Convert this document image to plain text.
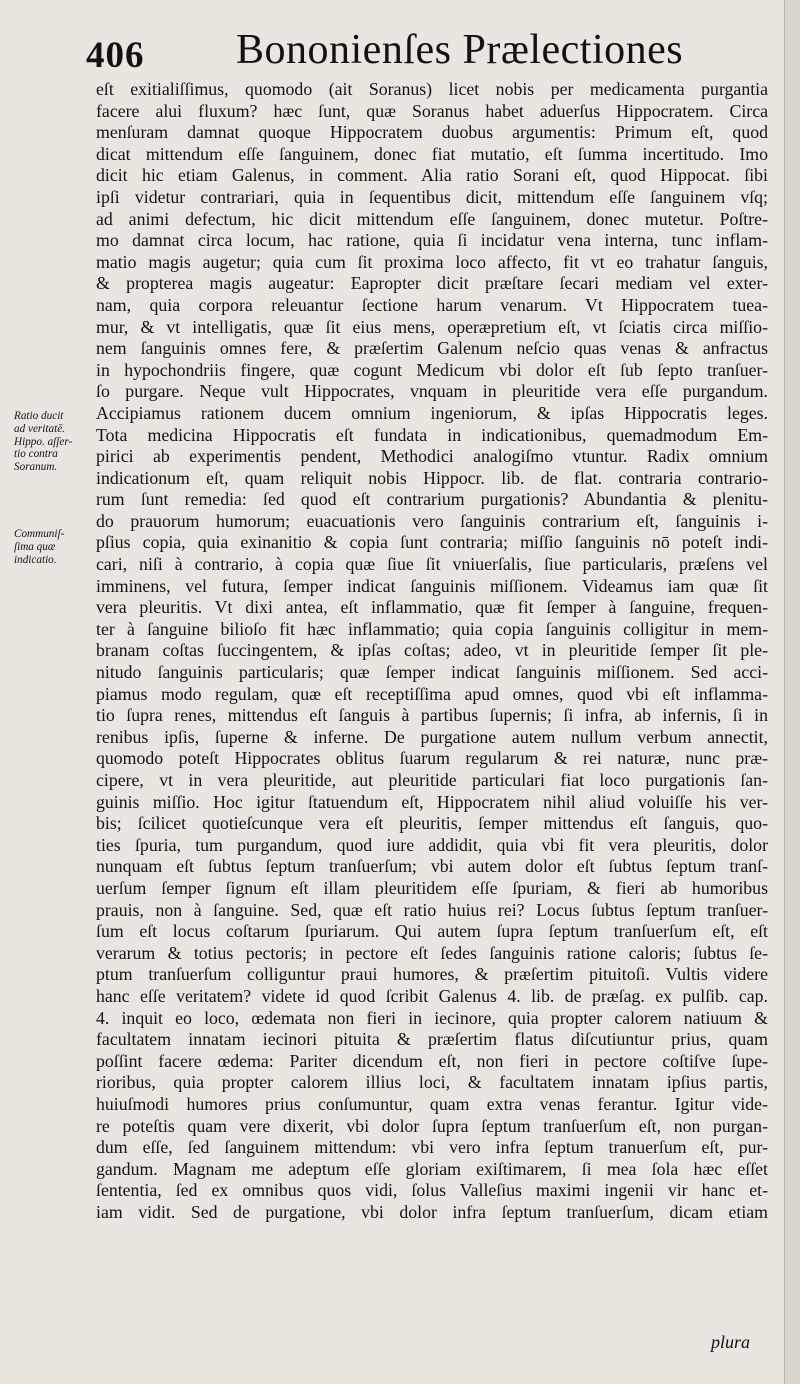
406 Bononienſes Prælectiones
Ratio ducit
ad veritatē.
Hippo. aſſer-
tio contra
Soranum.
Communiſ-
ſima quæ
indicatio.
eſt exitialiſſimus, quomodo (ait Soranus) licet nobis per medicamenta purgantia
facere alui fluxum? hæc ſunt, quæ Soranus habet aduerſus Hippocratem. Circa
menſuram damnat quoque Hippocratem duobus argumentis: Primum eſt, quod
dicat mittendum eſſe ſanguinem, donec fiat mutatio, eſt ſumma incertitudo. Imo
dicit hic etiam Galenus, in comment. Alia ratio Sorani eſt, quod Hippocat. ſibi
ipſi videtur contrariari, quia in ſequentibus dicit, mittendum eſſe ſanguinem vſq;
ad animi defectum, hic dicit mittendum eſſe ſanguinem, donec mutetur. Poſtre-
mo damnat circa locum, hac ratione, quia ſi incidatur vena interna, tunc inflam-
matio magis augetur; quia cum ſit proxima loco affecto, fit vt eo trahatur ſanguis,
& propterea magis augeatur: Eapropter dicit præſtare ſecari mediam vel exter-
nam, quia corpora releuantur ſectione harum venarum. Vt Hippocratem tuea-
mur, & vt intelligatis, quæ ſit eius mens, operæpretium eſt, vt ſciatis circa miſſio-
nem ſanguinis omnes fere, & præſertim Galenum neſcio quas venas & anfractus
in hypochondriis fingere, quæ cogunt Medicum vbi dolor eſt ſub ſepto tranſuer-
ſo purgare. Neque vult Hippocrates, vnquam in pleuritide vera eſſe purgandum.
Accipiamus rationem ducem omnium ingeniorum, & ipſas Hippocratis leges.
Tota medicina Hippocratis eſt fundata in indicationibus, quemadmodum Em-
pirici ab experimentis pendent, Methodici analogiſmo vtuntur. Radix omnium
indicationum eſt, quam reliquit nobis Hippocr. lib. de flat. contraria contrario-
rum ſunt remedia: ſed quod eſt contrarium purgationis? Abundantia & plenitu-
do prauorum humorum; euacuationis vero ſanguinis contrarium eſt, ſanguinis i-
pſius copia, quia exinanitio & copia ſunt contraria; miſſio ſanguinis nō poteſt indi-
cari, niſi à contrario, à copia quæ ſiue ſit vniuerſalis, ſiue particularis, præſens vel
imminens, vel futura, ſemper indicat ſanguinis miſſionem. Videamus iam quæ ſit
vera pleuritis. Vt dixi antea, eſt inflammatio, quæ fit ſemper à ſanguine, frequen-
ter à ſanguine bilioſo fit hæc inflammatio; quia copia ſanguinis colligitur in mem-
branam coſtas ſuccingentem, & ipſas coſtas; adeo, vt in pleuritide ſemper ſit ple-
nitudo ſanguinis particularis; quæ ſemper indicat ſanguinis miſſionem. Sed acci-
piamus modo regulam, quæ eſt receptiſſima apud omnes, quod vbi eſt inflamma-
tio ſupra renes, mittendus eſt ſanguis à partibus ſupernis; ſi infra, ab infernis, ſi in
renibus ipſis, ſuperne & inferne. De purgatione autem nullum verbum annectit,
quomodo poteſt Hippocrates oblitus ſuarum regularum & rei naturæ, nunc præ-
cipere, vt in vera pleuritide, aut pleuritide particulari fiat loco purgationis ſan-
guinis miſſio. Hoc igitur ſtatuendum eſt, Hippocratem nihil aliud voluiſſe his ver-
bis; ſcilicet quotieſcunque vera eſt pleuritis, ſemper mittendus eſt ſanguis, quo-
ties ſpuria, tum purgandum, quod iure addidit, quia vbi fit vera pleuritis, dolor
nunquam eſt ſubtus ſeptum tranſuerſum; vbi autem dolor eſt ſubtus ſeptum tranſ-
uerſum ſemper ſignum eſt illam pleuritidem eſſe ſpuriam, & fieri ab humoribus
prauis, non à ſanguine. Sed, quæ eſt ratio huius rei? Locus ſubtus ſeptum tranſuer-
ſum eſt locus coſtarum ſpuriarum. Qui autem ſupra ſeptum tranſuerſum eſt, eſt
verarum & totius pectoris; in pectore eſt ſedes ſanguinis ratione caloris; ſubtus ſe-
ptum tranſuerſum colliguntur praui humores, & præſertim pituitoſi. Vultis videre
hanc eſſe veritatem? videte id quod ſcribit Galenus 4. lib. de præſag. ex pulſib. cap.
4. inquit eo loco, œdemata non fieri in iecinore, quia propter calorem natiuum &
facultatem innatam iecinori pituita & præſertim flatus diſcutiuntur prius, quam
poſſint facere œdema: Pariter dicendum eſt, non fieri in pectore coſtiſve ſupe-
rioribus, quia propter calorem illius loci, & facultatem innatam ipſius partis,
huiuſmodi humores prius conſumuntur, quam extra venas ferantur. Igitur vide-
re poteſtis quam vere dixerit, vbi dolor ſupra ſeptum tranſuerſum eſt, non purgan-
dum eſſe, ſed ſanguinem mittendum: vbi vero infra ſeptum tranuerſum eſt, pur-
gandum. Magnam me adeptum eſſe gloriam exiſtimarem, ſi mea ſola hæc eſſet
ſententia, ſed ex omnibus quos vidi, ſolus Valleſius maximi ingenii vir hanc et-
iam vidit. Sed de purgatione, vbi dolor infra ſeptum tranſuerſum, dicam etiam
plura
